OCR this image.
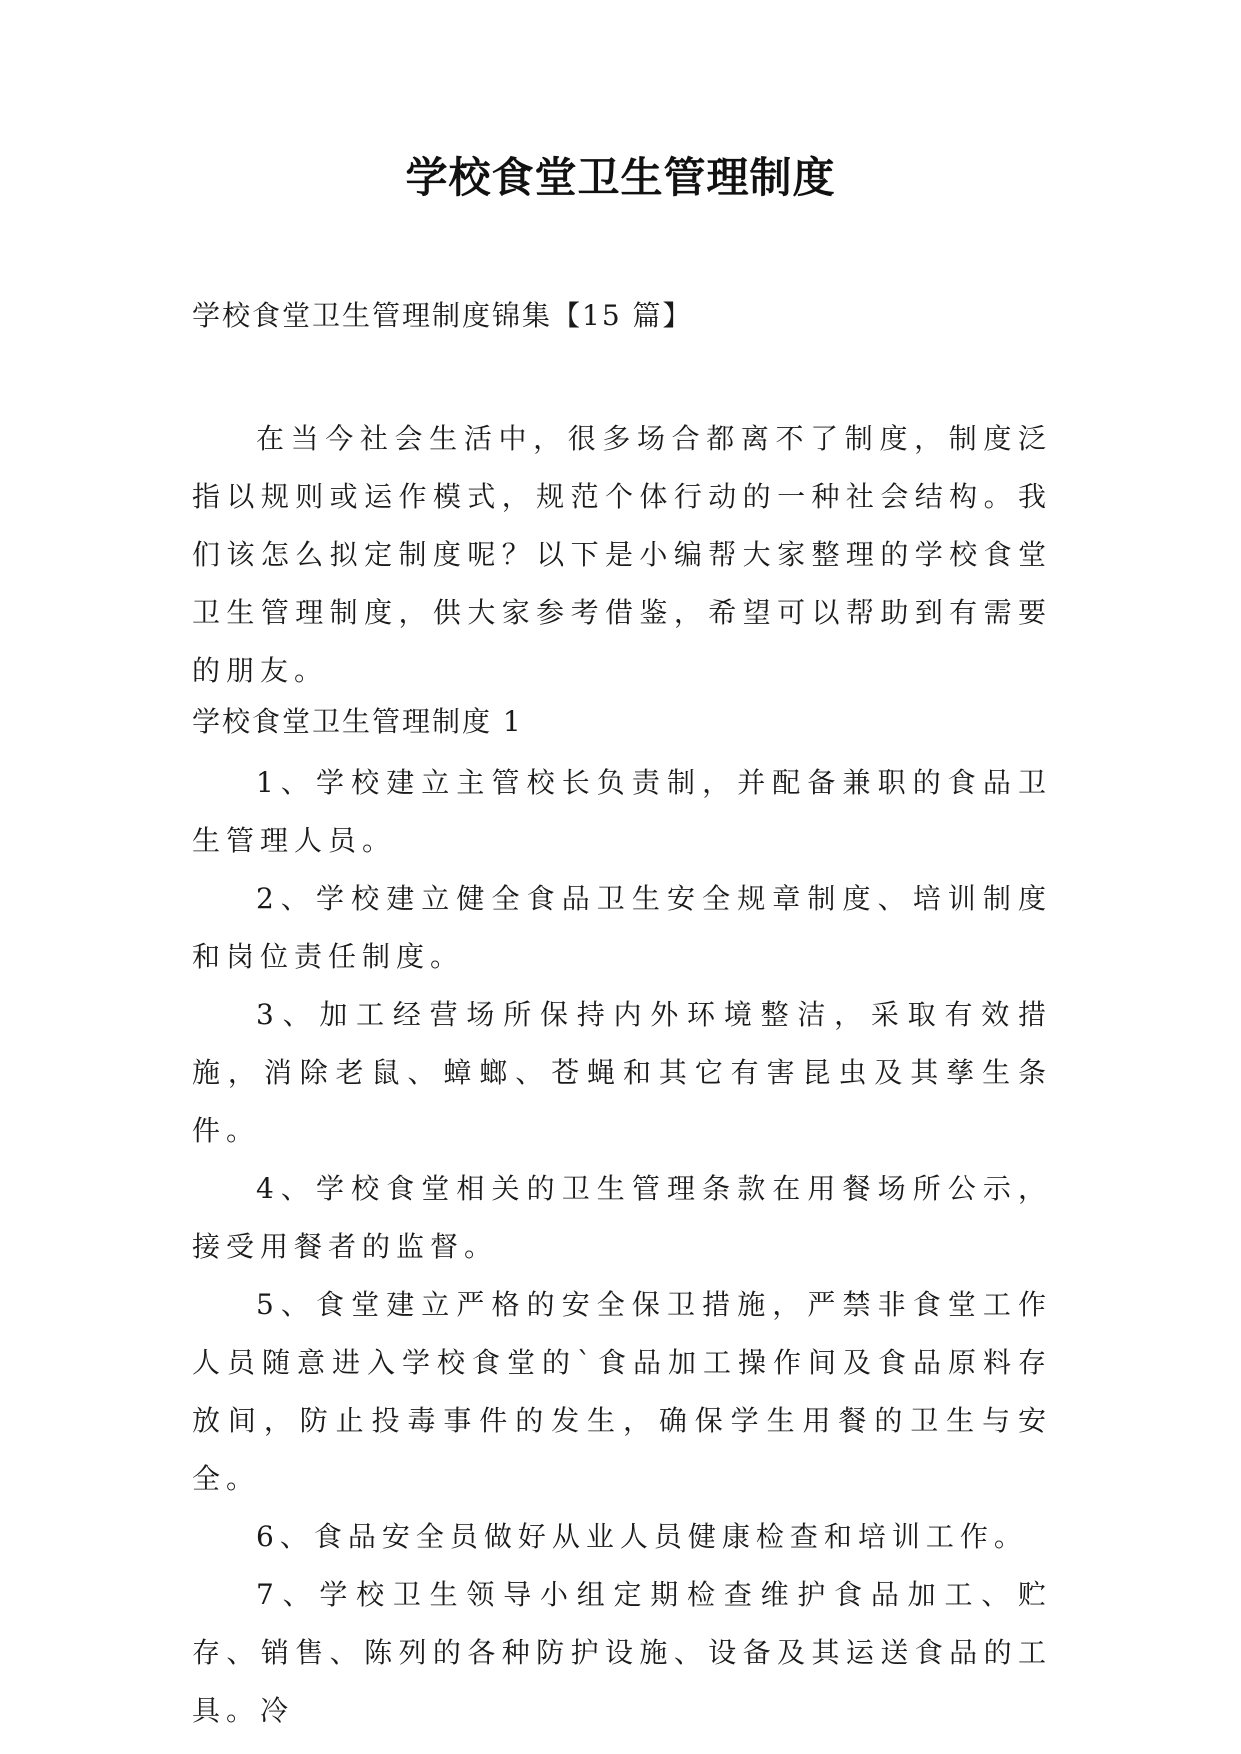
学校食堂卫生管理制度
学校食堂卫生管理制度锦集【15 篇】

在当今社会生活中，很多场合都离不了制度，制度泛指以规则或运作模式，规范个体行动的一种社会结构。我们该怎么拟定制度呢？以下是小编帮大家整理的学校食堂卫生管理制度，供大家参考借鉴，希望可以帮助到有需要的朋友。

学校食堂卫生管理制度 1

1、学校建立主管校长负责制，并配备兼职的食品卫生管理人员。

2、学校建立健全食品卫生安全规章制度、培训制度和岗位责任制度。

3、加工经营场所保持内外环境整洁，采取有效措施，消除老鼠、蟑螂、苍蝇和其它有害昆虫及其孳生条件。

4、学校食堂相关的卫生管理条款在用餐场所公示，接受用餐者的监督。

5、食堂建立严格的安全保卫措施，严禁非食堂工作人员随意进入学校食堂的`食品加工操作间及食品原料存放间，防止投毒事件的发生，确保学生用餐的卫生与安全。

6、食品安全员做好从业人员健康检查和培训工作。

7、学校卫生领导小组定期检查维护食品加工、贮存、销售、陈列的各种防护设施、设备及其运送食品的工具。冷
